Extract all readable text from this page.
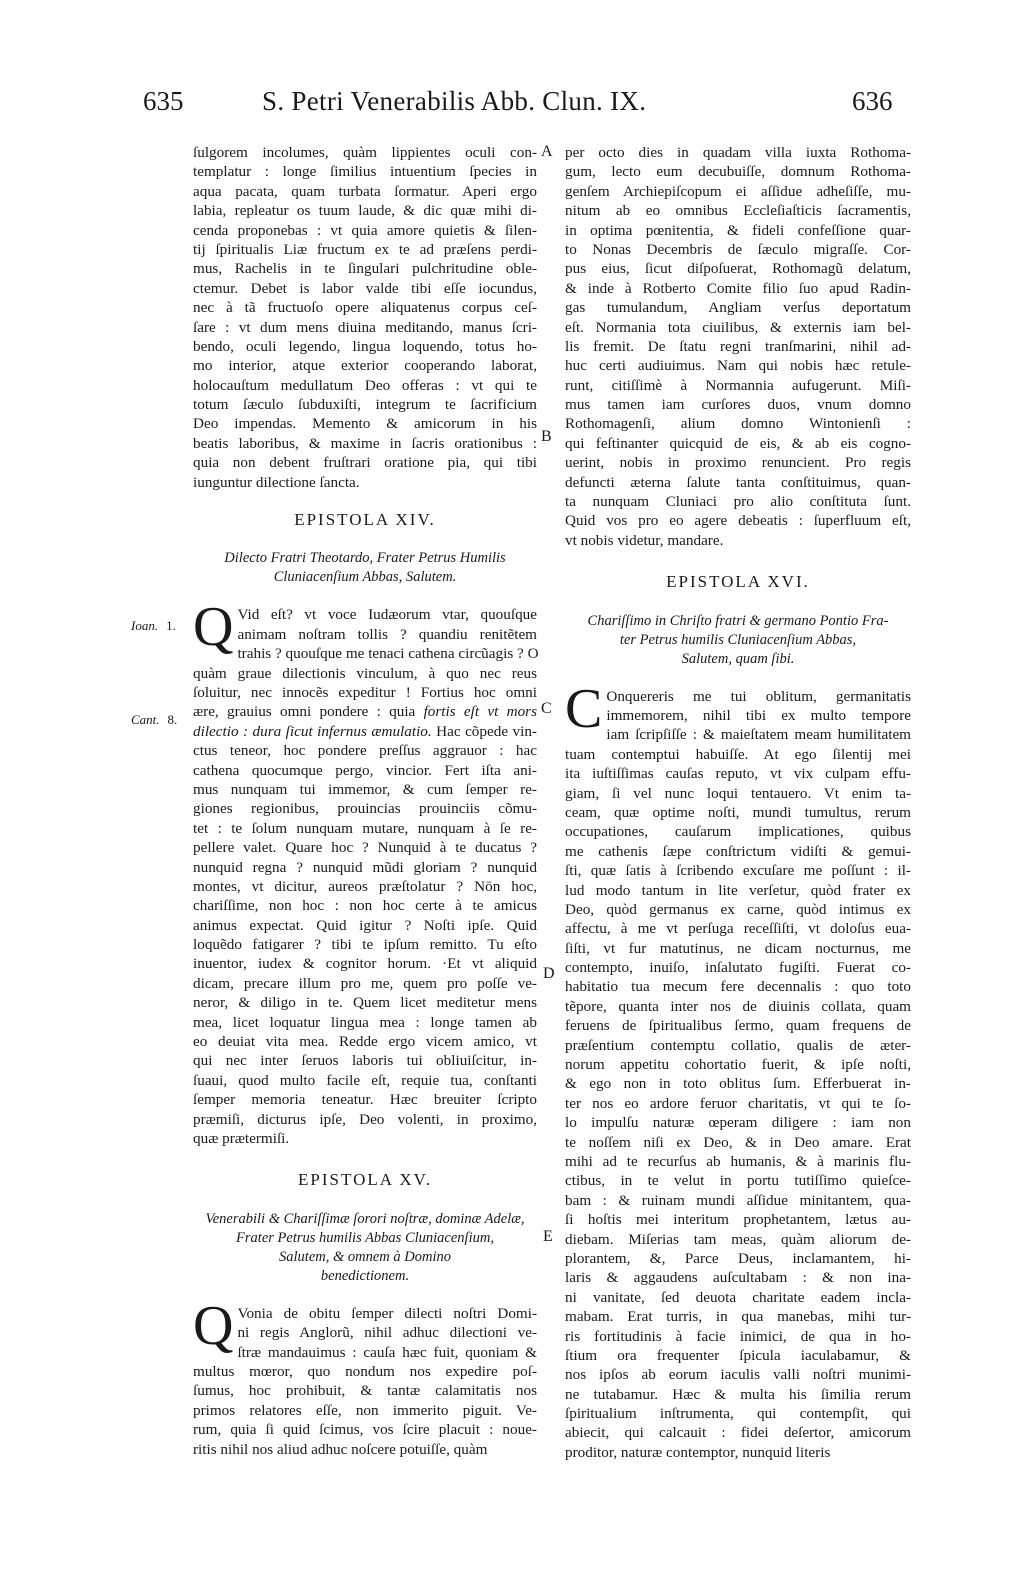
635	S. Petri Venerabilis Abb. Clun. IX.	636
A
B
C
D
E
Ioan. 1.
Cant. 8.
ſulgorem incolumes, quàm lippientes oculi con-
templatur : longe ſimilius intuentium ſpecies in
aqua pacata, quam turbata ſormatur. Aperi ergo
labia, repleatur os tuum laude, & dic quæ mihi di-
cenda proponebas : vt quia amore quietis & ſilen-
tij ſpiritualis Liæ fructum ex te ad præſens perdi-
mus, Rachelis in te ſingulari pulchritudine oble-
ctemur. Debet is labor valde tibi eſſe iocundus,
nec à tã fructuoſo opere aliquatenus corpus ceſ-
ſare : vt dum mens diuina meditando, manus ſcri-
bendo, oculi legendo, lingua loquendo, totus ho-
mo interior, atque exterior cooperando laborat,
holocauſtum medullatum Deo offeras : vt qui te
totum ſæculo ſubduxiſti, integrum te ſacrificium
Deo impendas. Memento & amicorum in his
beatis laboribus, & maxime in ſacris orationibus :
quia non debent fruſtrari oratione pia, qui tibi
iunguntur dilectione ſancta.
EPISTOLA XIV.
Dilecto Fratri Theotardo, Frater Petrus Humilis
Cluniacenſium Abbas, Salutem.
Q Vid eſt? vt voce Iudæorum vtar, quouſque
animam noſtram tollis ? quandiu renitẽtem
trahis ? quouſque me tenaci cathena circũagis ? O
quàm graue dilectionis vinculum, à quo nec reus
ſoluitur, nec innocẽs expeditur ! Fortius hoc omni
ære, grauius omni pondere : quia fortis eſt vt mors
dilectio : dura ſicut infernus æmulatio. Hac cõpede vin-
ctus teneor, hoc pondere preſſus aggrauor : hac
cathena quocumque pergo, vincior. Fert iſta ani-
mus nunquam tui immemor, & cum ſemper re-
giones regionibus, prouincias prouinciis cõmu-
tet : te ſolum nunquam mutare, nunquam à ſe re-
pellere valet. Quare hoc ? Nunquid à te ducatus ?
nunquid regna ? nunquid mũdi gloriam ? nunquid
montes, vt dicitur, aureos præſtolatur ? Nōn hoc,
chariſſime, non hoc : non hoc certe à te amicus
animus expectat. Quid igitur ? Noſti ipſe. Quid
loquẽdo fatigarer ? tibi te ipſum remitto. Tu eſto
inuentor, iudex & cognitor horum. ·Et vt aliquid
dicam, precare illum pro me, quem pro poſſe ve-
neror, & diligo in te. Quem licet meditetur mens
mea, licet loquatur lingua mea : longe tamen ab
eo deuiat vita mea. Redde ergo vicem amico, vt
qui nec inter ſeruos laboris tui obliuiſcitur, in-
ſuaui, quod multo facile eſt, requie tua, conſtanti
ſemper memoria teneatur. Hæc breuiter ſcripto
præmiſi, dicturus ipſe, Deo volenti, in proximo,
quæ prætermiſi.
EPISTOLA XV.
Venerabili & Chariſſimæ ſorori noſtræ, dominæ Adelæ,
Frater Petrus humilis Abbas Cluniacenſium,
Salutem, & omnem à Domino
benedictionem.
Q Vonia de obitu ſemper dilecti noſtri Domi-
ni regis Anglorũ, nihil adhuc dilectioni ve-
ſtræ mandauimus : cauſa hæc fuit, quoniam &
multus mœror, quo nondum nos expedire poſ-
ſumus, hoc prohibuit, & tantæ calamitatis nos
primos relatores eſſe, non immerito piguit. Ve-
rum, quia ſi quid ſcimus, vos ſcire placuit : noue-
ritis nihil nos aliud adhuc noſcere potuiſſe, quàm
per octo dies in quadam villa iuxta Rothoma-
gum, lecto eum decubuiſſe, domnum Rothoma-
genſem Archiepiſcopum ei aſſidue adheſiſſe, mu-
nitum ab eo omnibus Eccleſiaſticis ſacramentis,
in optima pœnitentia, & fideli confeſſione quar-
to Nonas Decembris de ſæculo migraſſe. Cor-
pus eius, ſicut diſpoſuerat, Rothomagũ delatum,
& inde à Rotberto Comite filio ſuo apud Radin-
gas tumulandum, Angliam verſus deportatum
eſt. Normania tota ciuilibus, & externis iam bel-
lis fremit. De ſtatu regni tranſmarini, nihil ad-
huc certi audiuimus. Nam qui nobis hæc retule-
runt, citiſſimè à Normannia aufugerunt. Miſi-
mus tamen iam curſores duos, vnum domno
Rothomagenſi, alium domno Wintonienſi :
qui feſtinanter quicquid de eis, & ab eis cogno-
uerint, nobis in proximo renuncient. Pro regis
defuncti æterna ſalute tanta conſtituimus, quan-
ta nunquam Cluniaci pro alio conſtituta ſunt.
Quid vos pro eo agere debeatis : ſuperfluum eſt,
vt nobis videtur, mandare.
EPISTOLA XVI.
Chariſſimo in Chriſto fratri & germano Pontio Fra-
ter Petrus humilis Cluniacenſium Abbas,
Salutem, quam ſibi.
C Onquereris me tui oblitum, germanitatis
immemorem, nihil tibi ex multo tempore
iam ſcripſiſſe : & maieſtatem meam humilitatem
tuam contemptui habuiſſe. At ego ſilentij mei
ita iuſtiſſimas cauſas reputo, vt vix culpam effu-
giam, ſi vel nunc loqui tentauero. Vt enim ta-
ceam, quæ optime noſti, mundi tumultus, rerum
occupationes, cauſarum implicationes, quibus
me cathenis ſæpe conſtrictum vidiſti & gemui-
ſti, quæ ſatis à ſcribendo excuſare me poſſunt : il-
lud modo tantum in lite verſetur, quòd frater ex
Deo, quòd germanus ex carne, quòd intimus ex
affectu, à me vt perſuga receſſiſti, vt doloſus eua-
ſiſti, vt fur matutinus, ne dicam nocturnus, me
contempto, inuiſo, inſalutato fugiſti. Fuerat co-
habitatio tua mecum fere decennalis : quo toto
tẽpore, quanta inter nos de diuinis collata, quam
feruens de ſpiritualibus ſermo, quam frequens de
præſentium contemptu collatio, qualis de æter-
norum appetitu cohortatio fuerit, & ipſe noſti,
& ego non in toto oblitus ſum. Efferbuerat in-
ter nos eo ardore feruor charitatis, vt qui te ſo-
lo impulſu naturæ œperam diligere : iam non
te noſſem niſi ex Deo, & in Deo amare. Erat
mihi ad te recurſus ab humanis, & à marinis flu-
ctibus, in te velut in portu tutiſſimo quieſce-
bam : & ruinam mundi aſſidue minitantem, qua-
ſi hoſtis mei interitum prophetantem, lætus au-
diebam. Miſerias tam meas, quàm aliorum de-
plorantem, &, Parce Deus, inclamantem, hi-
laris & aggaudens auſcultabam : & non ina-
ni vanitate, ſed deuota charitate eadem incla-
mabam. Erat turris, in qua manebas, mihi tur-
ris fortitudinis à facie inimici, de qua in ho-
ſtium ora frequenter ſpicula iaculabamur, &
nos ipſos ab eorum iaculis valli noſtri munimi-
ne tutabamur. Hæc & multa his ſimilia rerum
ſpiritualium inſtrumenta, qui contempſit, qui
abiecit, qui calcauit : fidei deſertor, amicorum
proditor, naturæ contemptor, nunquid literis
